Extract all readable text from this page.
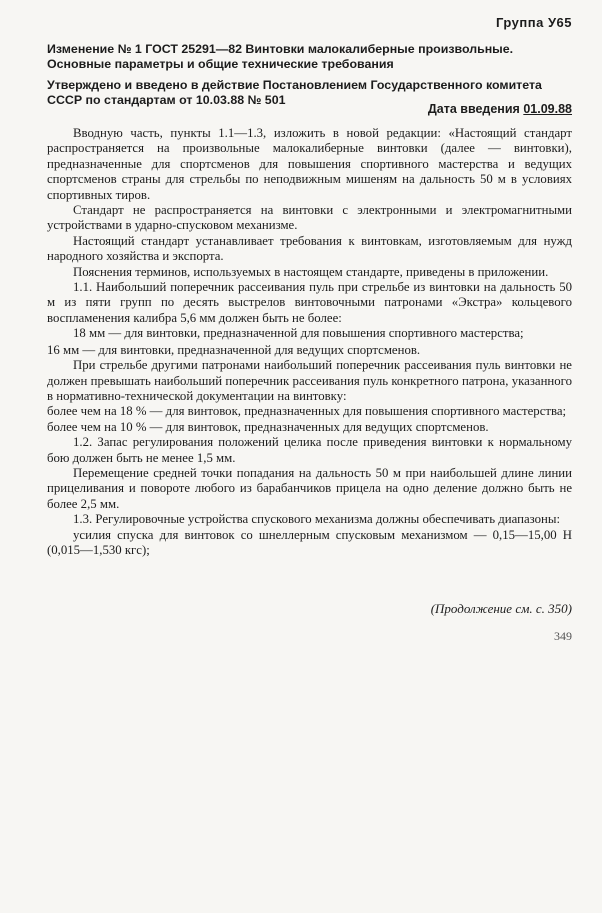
Группа У65
Изменение № 1 ГОСТ 25291—82 Винтовки малокалиберные произвольные. Основные параметры и общие технические требования
Утверждено и введено в действие Постановлением Государственного комитета СССР по стандартам от 10.03.88 № 501
Дата введения 01.09.88

Вводную часть, пункты 1.1—1.3, изложить в новой редакции: «Настоящий стандарт распространяется на произвольные малокалиберные винтовки (далее — винтовки), предназначенные для спортсменов для повышения спортивного мастерства и ведущих спортсменов страны для стрельбы по неподвижным мишеням на дальность 50 м в условиях спортивных тиров.

Стандарт не распространяется на винтовки с электронными и электромагнитными устройствами в ударно-спусковом механизме.

Настоящий стандарт устанавливает требования к винтовкам, изготовляемым для нужд народного хозяйства и экспорта.

Пояснения терминов, используемых в настоящем стандарте, приведены в приложении.

1.1. Наибольший поперечник рассеивания пуль при стрельбе из винтовки на дальность 50 м из пяти групп по десять выстрелов винтовочными патронами «Экстра» кольцевого воспламенения калибра 5,6 мм должен быть не более:

18 мм — для винтовки, предназначенной для повышения спортивного мастерства;

16 мм — для винтовки, предназначенной для ведущих спортсменов.

При стрельбе другими патронами наибольший поперечник рассеивания пуль винтовки не должен превышать наибольший поперечник рассеивания пуль конкретного патрона, указанного в нормативно-технической документации на винтовку:

более чем на 18 % — для винтовок, предназначенных для повышения спортивного мастерства;

более чем на 10 % — для винтовок, предназначенных для ведущих спортсменов.

1.2. Запас регулирования положений целика после приведения винтовки к нормальному бою должен быть не менее 1,5 мм.

Перемещение средней точки попадания на дальность 50 м при наибольшей длине линии прицеливания и повороте любого из барабанчиков прицела на одно деление должно быть не более 2,5 мм.

1.3. Регулировочные устройства спускового механизма должны обеспечивать диапазоны:

усилия спуска для винтовок со шнеллерным спусковым механизмом — 0,15—15,00 Н (0,015—1,530 кгс);

(Продолжение см. с. 350)
349
